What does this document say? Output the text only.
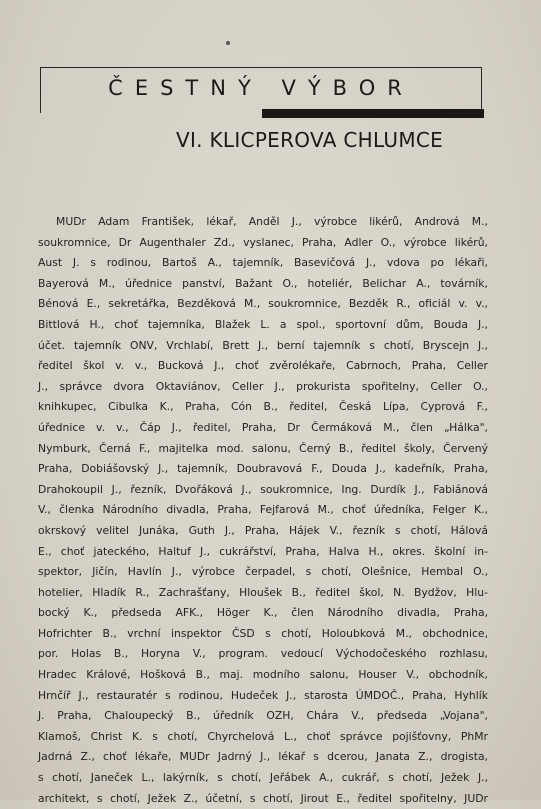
ČESTNÝ VÝBOR
VI. KLICPEROVA CHLUMCE
MUDr Adam František, lékař, Anděl J., výrobce likérů, Andrová M.,
soukromnice, Dr Augenthaler Zd., vyslanec, Praha, Adler O., výrobce likérů,
Aust J. s rodinou, Bartoš A., tajemník, Basevičová J., vdova po lékaři,
Bayerová M., úřednice panství, Bažant O., hoteliér, Belichar A., továrník,
Bénová E., sekretářka, Bezděková M., soukromnice, Bezděk R., oficiál v. v.,
Bittlová H., choť tajemníka, Blažek L. a spol., sportovní dům, Bouda J.,
účet. tajemník ONV, Vrchlabí, Brett J., berní tajemník s chotí, Bryscejn J.,
ředitel škol v. v., Bucková J., choť zvěrolékaře, Cabrnoch, Praha, Celler
J., správce dvora Oktaviánov, Celler J., prokurista spořitelny, Celler O.,
knihkupec, Cibulka K., Praha, Cón B., ředitel, Česká Lípa, Cyprová F.,
úřednice v. v., Čáp J., ředitel, Praha, Dr Čermáková M., člen „Hálka",
Nymburk, Černá F., majitelka mod. salonu, Černý B., ředitel školy, Červený
Praha, Dobiášovský J., tajemník, Doubravová F., Douda J., kadeřník, Praha,
Drahokoupil J., řezník, Dvořáková J., soukromnice, Ing. Durdík J., Fabiánová
V., členka Národního divadla, Praha, Fejfarová M., choť úředníka, Felger K.,
okrskový velitel Junáka, Guth J., Praha, Hájek V., řezník s chotí, Hálová
E., choť jateckého, Haltuf J., cukrářství, Praha, Halva H., okres. školní in-
spektor, Jičín, Havlín J., výrobce čerpadel, s chotí, Olešnice, Hembal O.,
hotelier, Hladík R., Zachrašťany, Hloušek B., ředitel škol, N. Bydžov, Hlu-
bocký K., předseda AFK., Höger K., člen Národního divadla, Praha,
Hofrichter B., vrchní inspektor ČSD s chotí, Holoubková M., obchodnice,
por. Holas B., Horyna V., program. vedoucí Východočeského rozhlasu,
Hradec Králové, Hošková B., maj. modního salonu, Houser V., obchodník,
Hrnčíř J., restauratér s rodinou, Hudeček J., starosta ÚMDOČ., Praha, Hyhlík
J. Praha, Chaloupecký B., úředník OZH, Chára V., předseda „Vojana",
Klamoš, Christ K. s chotí, Chyrchelová L., choť správce pojišťovny, PhMr
Jadrná Z., choť lékaře, MUDr Jadrný J., lékař s dcerou, Janata Z., drogista,
s chotí, Janeček L., lakýrník, s chotí, Jeřábek A., cukrář, s chotí, Ježek J.,
architekt, s chotí, Ježek Z., účetní, s chotí, Jirout E., ředitel spořitelny, JUDr
